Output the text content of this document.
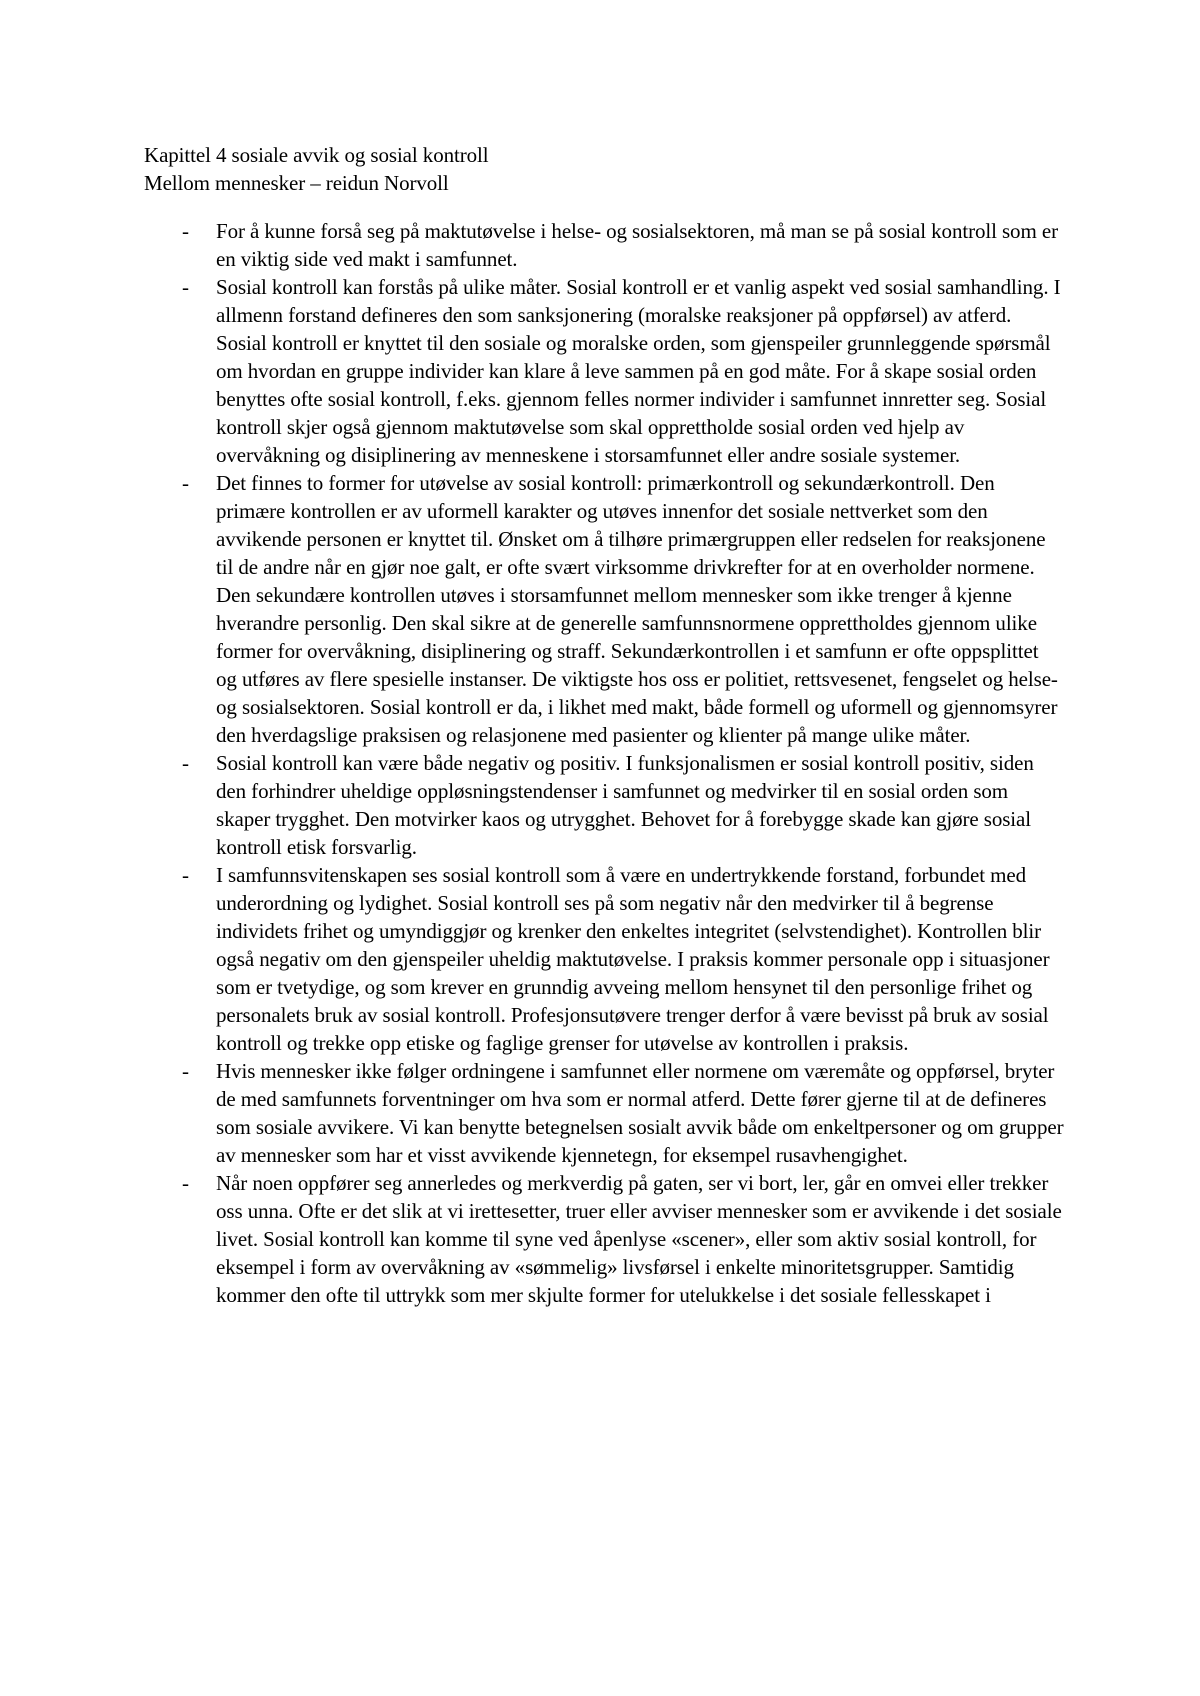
Kapittel 4 sosiale avvik og sosial kontroll
Mellom mennesker – reidun Norvoll
- For å kunne forså seg på maktutøvelse i helse- og sosialsektoren, må man se på sosial kontroll som er en viktig side ved makt i samfunnet.
- Sosial kontroll kan forstås på ulike måter. Sosial kontroll er et vanlig aspekt ved sosial samhandling. I allmenn forstand defineres den som sanksjonering (moralske reaksjoner på oppførsel) av atferd. Sosial kontroll er knyttet til den sosiale og moralske orden, som gjenspeiler grunnleggende spørsmål om hvordan en gruppe individer kan klare å leve sammen på en god måte. For å skape sosial orden benyttes ofte sosial kontroll, f.eks. gjennom felles normer individer i samfunnet innretter seg. Sosial kontroll skjer også gjennom maktutøvelse som skal opprettholde sosial orden ved hjelp av overvåkning og disiplinering av menneskene i storsamfunnet eller andre sosiale systemer.
- Det finnes to former for utøvelse av sosial kontroll: primærkontroll og sekundærkontroll. Den primære kontrollen er av uformell karakter og utøves innenfor det sosiale nettverket som den avvikende personen er knyttet til. Ønsket om å tilhøre primærgruppen eller redselen for reaksjonene til de andre når en gjør noe galt, er ofte svært virksomme drivkrefter for at en overholder normene. Den sekundære kontrollen utøves i storsamfunnet mellom mennesker som ikke trenger å kjenne hverandre personlig. Den skal sikre at de generelle samfunnsnormene opprettholdes gjennom ulike former for overvåkning, disiplinering og straff. Sekundærkontrollen i et samfunn er ofte oppsplittet og utføres av flere spesielle instanser. De viktigste hos oss er politiet, rettsvesenet, fengselet og helse- og sosialsektoren. Sosial kontroll er da, i likhet med makt, både formell og uformell og gjennomsyrer den hverdagslige praksisen og relasjonene med pasienter og klienter på mange ulike måter.
- Sosial kontroll kan være både negativ og positiv. I funksjonalismen er sosial kontroll positiv, siden den forhindrer uheldige oppløsningstendenser i samfunnet og medvirker til en sosial orden som skaper trygghet. Den motvirker kaos og utrygghet. Behovet for å forebygge skade kan gjøre sosial kontroll etisk forsvarlig.
- I samfunnsvitenskapen ses sosial kontroll som å være en undertrykkende forstand, forbundet med underordning og lydighet. Sosial kontroll ses på som negativ når den medvirker til å begrense individets frihet og umyndiggjør og krenker den enkeltes integritet (selvstendighet). Kontrollen blir også negativ om den gjenspeiler uheldig maktutøvelse. I praksis kommer personale opp i situasjoner som er tvetydige, og som krever en grunndig avveing mellom hensynet til den personlige frihet og personalets bruk av sosial kontroll. Profesjonsutøvere trenger derfor å være bevisst på bruk av sosial kontroll og trekke opp etiske og faglige grenser for utøvelse av kontrollen i praksis.
- Hvis mennesker ikke følger ordningene i samfunnet eller normene om væremåte og oppførsel, bryter de med samfunnets forventninger om hva som er normal atferd. Dette fører gjerne til at de defineres som sosiale avvikere. Vi kan benytte betegnelsen sosialt avvik både om enkeltpersoner og om grupper av mennesker som har et visst avvikende kjennetegn, for eksempel rusavhengighet.
- Når noen oppfører seg annerledes og merkverdig på gaten, ser vi bort, ler, går en omvei eller trekker oss unna. Ofte er det slik at vi irettesetter, truer eller avviser mennesker som er avvikende i det sosiale livet. Sosial kontroll kan komme til syne ved åpenlyse «scener», eller som aktiv sosial kontroll, for eksempel i form av overvåkning av «sømmelig» livsførsel i enkelte minoritetsgrupper. Samtidig kommer den ofte til uttrykk som mer skjulte former for utelukkelse i det sosiale fellesskapet i
